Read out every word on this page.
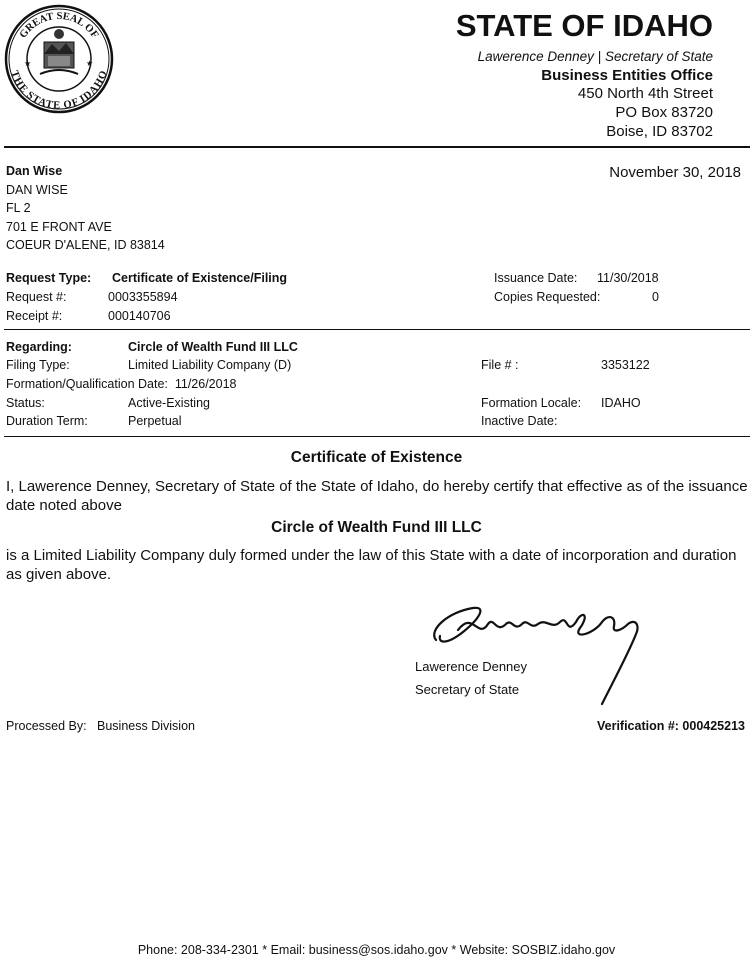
GREAT SEAL OF
THE STATE OF IDAHO
★	★
STATE OF IDAHO
Lawerence Denney | Secretary of State
Business Entities Office
450 North 4th Street
PO Box 83720
Boise, ID 83702
Dan Wise
DAN WISE
FL 2
701 E FRONT AVE
COEUR D'ALENE, ID 83814
November 30, 2018
Request Type: Certificate of Existence/Filing
Request #:	0003355894
Receipt #:	000140706
Issuance Date: 11/30/2018
Copies Requested:	0
Regarding:	Circle of Wealth Fund III LLC
Filing Type:	Limited Liability Company (D)	File # :	3353122
Formation/Qualification Date: 11/26/2018
Status:	Active-Existing	Formation Locale: IDAHO
Duration Term:	Perpetual	Inactive Date:
Certificate of Existence
I, Lawerence Denney, Secretary of State of the State of Idaho, do hereby certify that effective as of the issuance date noted above
Circle of Wealth Fund III LLC
is a Limited Liability Company duly formed under the law of this State with a date of incorporation and duration as given above.
Lawerence Denney
Secretary of State
Processed By: Business Division	Verification #: 000425213
Phone: 208-334-2301 * Email: business@sos.idaho.gov * Website: SOSBIZ.idaho.gov
